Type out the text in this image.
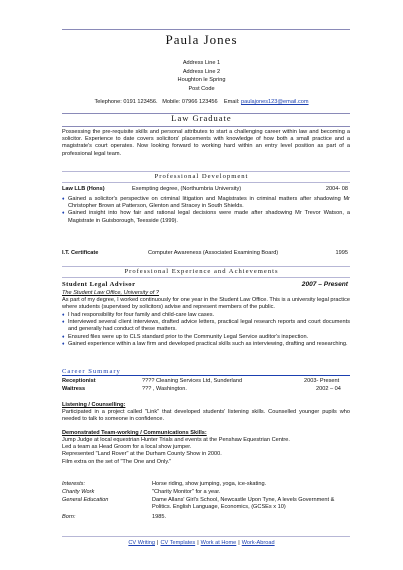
Paula Jones
Address Line 1
Address Line 2
Houghton le Spring
Post Code
Telephone: 0191 123456. Mobile: 07966 123456 Email: paulajones123@email.com
Law Graduate
Possessing the pre-requisite skills and personal attributes to start a challenging career within law and becoming a solicitor. Experience to date covers solicitors' placements with knowledge of how both a small practice and a magistrate's court operates. Now looking forward to working hard within an entry level position as part of a professional legal team.
Professional Development
Law LLB (Hons)	Exempting degree, (Northumbria University)	2004- 08
♦ Gained a solicitor's perspective on criminal litigation and Magistrates in criminal matters after shadowing Mr Christopher Brown at Patterson, Glenton and Stracey in South Shields.
♦ Gained insight into how fair and rational legal decisions were made after shadowing Mr Trevor Watson, a Magistrate in Guisborough, Teesside (1999).
I.T. Certificate	Computer Awareness (Associated Examining Board)	1995
Professional Experience and Achievements
Student Legal Advisor	2007 – Present
The Student Law Office, University of ?
As part of my degree, I worked continuously for one year in the Student Law Office. This is a university legal practice where students (supervised by solicitors) advise and represent members of the public.
♦ I had responsibility for four family and child-care law cases.
♦ Interviewed several client interviews, drafted advice letters, practical legal research reports and court documents and generally had conduct of these matters.
♦ Ensured files were up to CLS standard prior to the Community Legal Service auditor's inspection.
♦ Gained experience within a law firm and developed practical skills such as interviewing, drafting and researching.
Career Summary
Receptionist	???? Cleaning Services Ltd, Sunderland	2003- Present
Waitress	??? , Washington.	2002 – 04
Listening / Counselling:
Participated in a project called "Link" that developed students' listening skills. Counselled younger pupils who needed to talk to someone in confidence.
Demonstrated Team-working / Communications Skills:
Jump Judge at local equestrian Hunter Trials and events at the Penshaw Equestrian Centre.
Led a team as Head Groom for a local show jumper.
Represented "Land Rover" at the Durham County Show in 2000.
Film extra on the set of "The One and Only."
Interests:	Horse riding, show jumping, yoga, ice-skating.
Charity Work	"Charity Monitor" for a year.
General Education	Dame Allans' Girl's School, Newcastle Upon Tyne, A levels Government & Politics. English Language, Economics, (GCSEs x 10)
Born:	1985.
CV Writing | CV Templates | Work at Home | Work-Abroad
